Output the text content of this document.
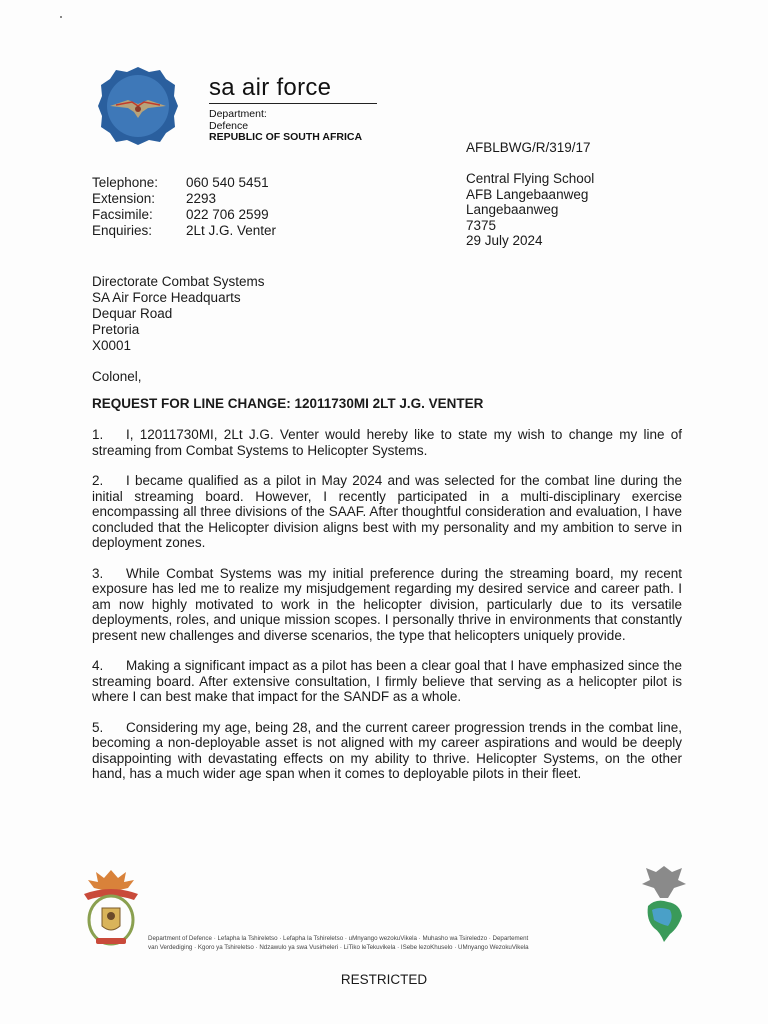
sa air force
Department:
Defence
REPUBLIC OF SOUTH AFRICA
AFBLBWG/R/319/17
Telephone:	060 540 5451
Extension:	2293
Facsimile:	022 706 2599
Enquiries:	2Lt J.G. Venter
Central Flying School
AFB Langebaanweg
Langebaanweg
7375
29 July 2024
Directorate Combat Systems
SA Air Force Headquarts
Dequar Road
Pretoria
X0001
Colonel,
REQUEST FOR LINE CHANGE: 12011730MI 2LT J.G. VENTER

1. I, 12011730MI, 2Lt J.G. Venter would hereby like to state my wish to change my line of streaming from Combat Systems to Helicopter Systems.

2. I became qualified as a pilot in May 2024 and was selected for the combat line during the initial streaming board. However, I recently participated in a multi-disciplinary exercise encompassing all three divisions of the SAAF. After thoughtful consideration and evaluation, I have concluded that the Helicopter division aligns best with my personality and my ambition to serve in deployment zones.

3. While Combat Systems was my initial preference during the streaming board, my recent exposure has led me to realize my misjudgement regarding my desired service and career path. I am now highly motivated to work in the helicopter division, particularly due to its versatile deployments, roles, and unique mission scopes. I personally thrive in environments that constantly present new challenges and diverse scenarios, the type that helicopters uniquely provide.

4. Making a significant impact as a pilot has been a clear goal that I have emphasized since the streaming board. After extensive consultation, I firmly believe that serving as a helicopter pilot is where I can best make that impact for the SANDF as a whole.

5. Considering my age, being 28, and the current career progression trends in the combat line, becoming a non-deployable asset is not aligned with my career aspirations and would be deeply disappointing with devastating effects on my ability to thrive. Helicopter Systems, on the other hand, has a much wider age span when it comes to deployable pilots in their fleet.

Department of Defence · Lefapha la Tshireletso · Lefapha la Tshireletso · uMnyango wezokuVikela · Muhasho wa Tsireledzo · Departement
van Verdediging · Kgoro ya Tshireletso · Ndzawulo ya swa Vusirheleri · LiTiko leTekuvikela · ISebe lezoKhuselo · UMnyango WezokuVikela
RESTRICTED
